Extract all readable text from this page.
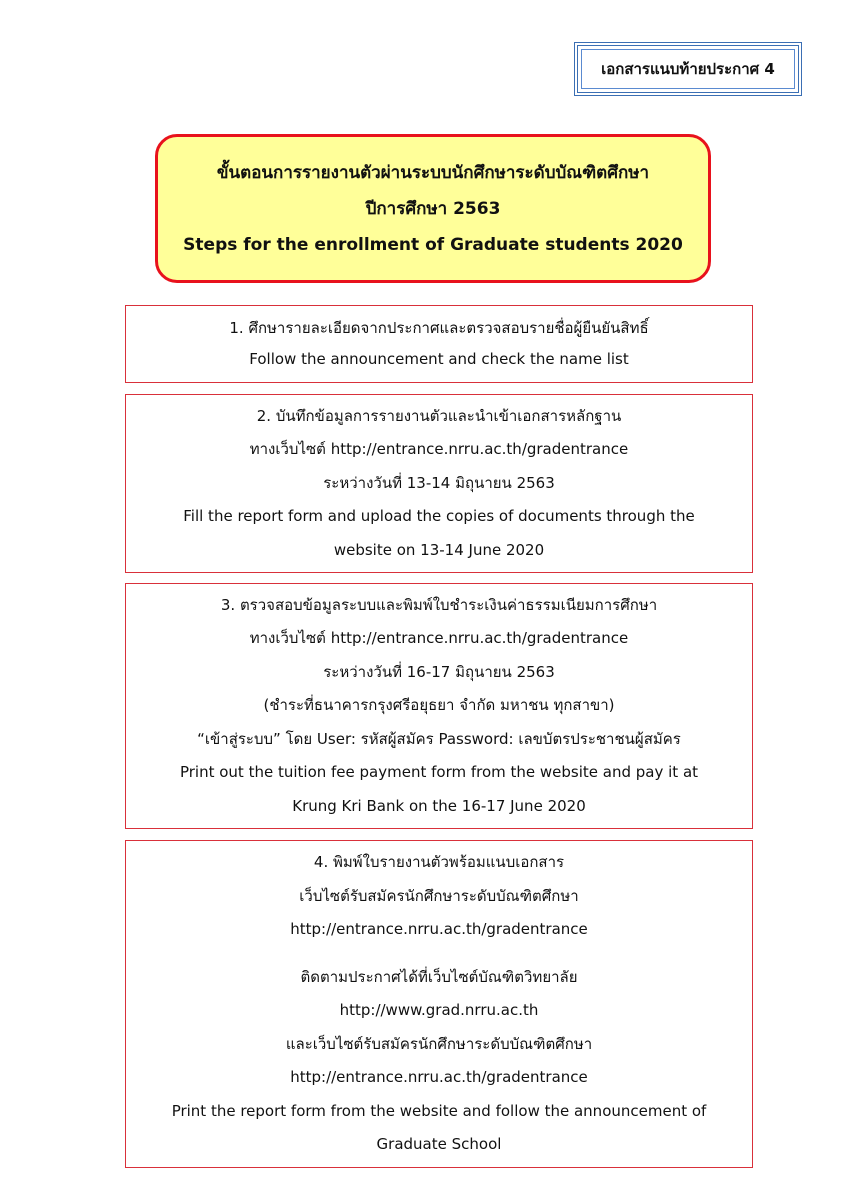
เอกสารแนบท้ายประกาศ 4
ขั้นตอนการรายงานตัวผ่านระบบนักศึกษาระดับบัณฑิตศึกษา
ปีการศึกษา 2563
Steps for the enrollment of Graduate students 2020
1. ศึกษารายละเอียดจากประกาศและตรวจสอบรายชื่อผู้ยืนยันสิทธิ์
Follow the announcement and check the name list
2. บันทึกข้อมูลการรายงานตัวและนำเข้าเอกสารหลักฐาน
ทางเว็บไซต์ http://entrance.nrru.ac.th/gradentrance
ระหว่างวันที่ 13-14 มิถุนายน 2563
Fill the report form and upload the copies of documents through the
website on 13-14 June 2020
3. ตรวจสอบข้อมูลระบบและพิมพ์ใบชำระเงินค่าธรรมเนียมการศึกษา
ทางเว็บไซต์ http://entrance.nrru.ac.th/gradentrance
ระหว่างวันที่ 16-17 มิถุนายน 2563
(ชำระที่ธนาคารกรุงศรีอยุธยา จำกัด มหาชน ทุกสาขา)
“เข้าสู่ระบบ” โดย User: รหัสผู้สมัคร Password: เลขบัตรประชาชนผู้สมัคร
Print out the tuition fee payment form from the website and pay it at
Krung Kri Bank on the 16-17 June 2020
4. พิมพ์ใบรายงานตัวพร้อมแนบเอกสาร
เว็บไซต์รับสมัครนักศึกษาระดับบัณฑิตศึกษา
http://entrance.nrru.ac.th/gradentrance
ติดตามประกาศได้ที่เว็บไซต์บัณฑิตวิทยาลัย
http://www.grad.nrru.ac.th
และเว็บไซต์รับสมัครนักศึกษาระดับบัณฑิตศึกษา
http://entrance.nrru.ac.th/gradentrance
Print the report form from the website and follow the announcement of
Graduate School
